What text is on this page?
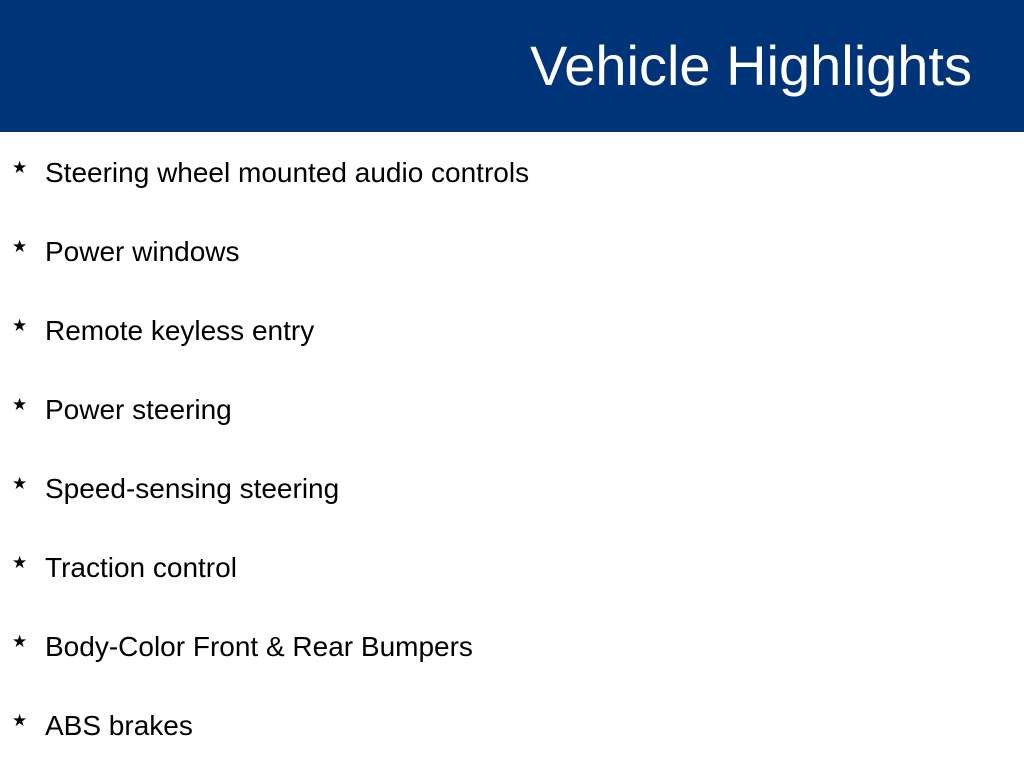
Vehicle Highlights
★ Steering wheel mounted audio controls
★ Power windows
★ Remote keyless entry
★ Power steering
★ Speed-sensing steering
★ Traction control
★ Body-Color Front & Rear Bumpers
★ ABS brakes
